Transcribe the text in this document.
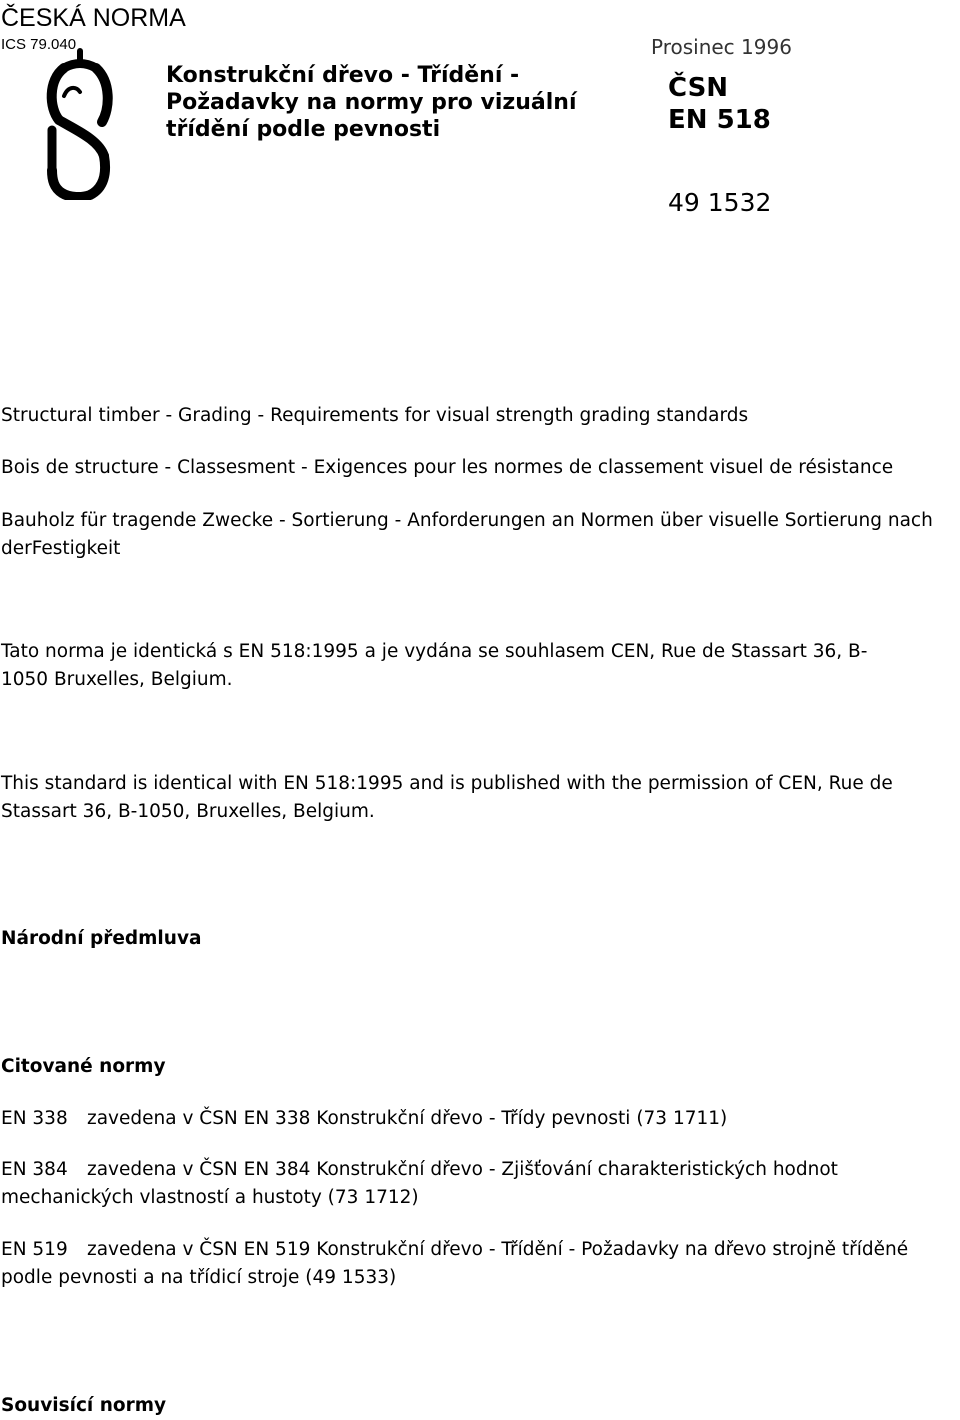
ČESKÁ NORMA
ICS 79.040
Konstrukční dřevo - Třídění -
Požadavky na normy pro vizuální
třídění podle pevnosti
Prosinec 1996
ČSN
EN 518
49 1532
Structural timber - Grading - Requirements for visual strength grading standards
Bois de structure - Classesment - Exigences pour les normes de classement visuel de résistance
Bauholz für tragende Zwecke - Sortierung - Anforderungen an Normen über visuelle Sortierung nach
derFestigkeit
Tato norma je identická s EN 518:1995 a je vydána se souhlasem CEN, Rue de Stassart 36, B-
1050 Bruxelles, Belgium.
This standard is identical with EN 518:1995 and is published with the permission of CEN, Rue de
Stassart 36, B-1050, Bruxelles, Belgium.
Národní předmluva
Citované normy
EN 338 zavedena v ČSN EN 338 Konstrukční dřevo - Třídy pevnosti (73 1711)
EN 384 zavedena v ČSN EN 384 Konstrukční dřevo - Zjišťování charakteristických hodnot
mechanických vlastností a hustoty (73 1712)
EN 519 zavedena v ČSN EN 519 Konstrukční dřevo - Třídění - Požadavky na dřevo strojně tříděné
podle pevnosti a na třídicí stroje (49 1533)
Souvisící normy
